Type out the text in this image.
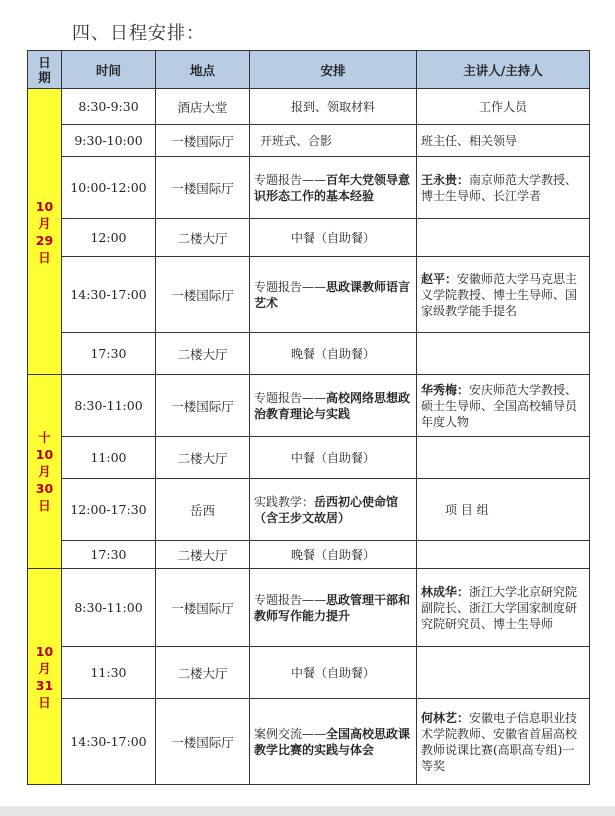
四、日程安排：
日
期	时间	地点	安排	主讲人/主持人

10
月
29
日	8:30-9:30	酒店大堂	报到、领取材料	工作人员
	9:30-10:00	一楼国际厅	开班式、合影	班主任、相关领导
	10:00-12:00	一楼国际厅	专题报告——百年大党领导意识形态工作的基本经验	王永贵：南京师范大学教授、博士生导师、长江学者
	12:00	二楼大厅	中餐（自助餐）	
	14:30-17:00	一楼国际厅	专题报告——思政课教师语言艺术	赵平：安徽师范大学马克思主义学院教授、博士生导师、国家级教学能手提名
	17:30	二楼大厅	晚餐（自助餐）	

十
10
月
30
日	8:30-11:00	一楼国际厅	专题报告——高校网络思想政治教育理论与实践	华秀梅：安庆师范大学教授、硕士生导师、全国高校辅导员年度人物
	11:00	二楼大厅	中餐（自助餐）	
	12:00-17:30	岳西	实践教学：岳西初心使命馆（含王步文故居）	项 目 组
	17:30	二楼大厅	晚餐（自助餐）	

10
月
31
日	8:30-11:00	一楼国际厅	专题报告——思政管理干部和教师写作能力提升	林成华：浙江大学北京研究院副院长、浙江大学国家制度研究院研究员、博士生导师
	11:30	二楼大厅	中餐（自助餐）	
	14:30-17:00	一楼国际厅	案例交流——全国高校思政课教学比赛的实践与体会	何林艺：安徽电子信息职业技术学院教师、安徽省首届高校教师说课比赛(高职高专组)一等奖
